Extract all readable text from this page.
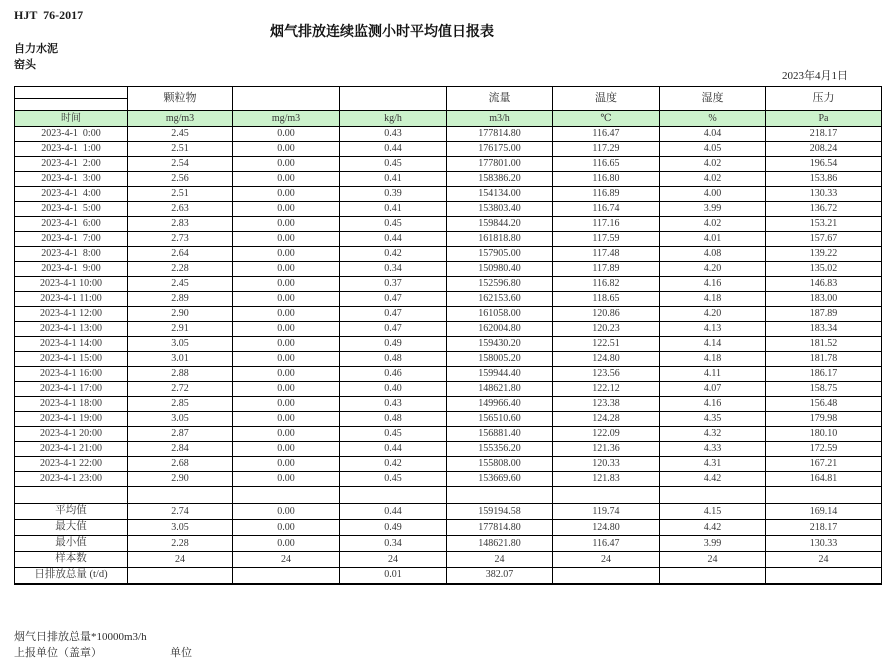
HJT  76-2017
烟气排放连续监测小时平均值日报表
自力水泥
窑头
2023年4月1日
	颗粒物			流量	温度	湿度	压力

时间	mg/m3	mg/m3	kg/h	m3/h	℃	%	Pa
2023-4-1  0:00	2.45	0.00	0.43	177814.80	116.47	4.04	218.17
2023-4-1  1:00	2.51	0.00	0.44	176175.00	117.29	4.05	208.24
2023-4-1  2:00	2.54	0.00	0.45	177801.00	116.65	4.02	196.54
2023-4-1  3:00	2.56	0.00	0.41	158386.20	116.80	4.02	153.86
2023-4-1  4:00	2.51	0.00	0.39	154134.00	116.89	4.00	130.33
2023-4-1  5:00	2.63	0.00	0.41	153803.40	116.74	3.99	136.72
2023-4-1  6:00	2.83	0.00	0.45	159844.20	117.16	4.02	153.21
2023-4-1  7:00	2.73	0.00	0.44	161818.80	117.59	4.01	157.67
2023-4-1  8:00	2.64	0.00	0.42	157905.00	117.48	4.08	139.22
2023-4-1  9:00	2.28	0.00	0.34	150980.40	117.89	4.20	135.02
2023-4-1 10:00	2.45	0.00	0.37	152596.80	116.82	4.16	146.83
2023-4-1 11:00	2.89	0.00	0.47	162153.60	118.65	4.18	183.00
2023-4-1 12:00	2.90	0.00	0.47	161058.00	120.86	4.20	187.89
2023-4-1 13:00	2.91	0.00	0.47	162004.80	120.23	4.13	183.34
2023-4-1 14:00	3.05	0.00	0.49	159430.20	122.51	4.14	181.52
2023-4-1 15:00	3.01	0.00	0.48	158005.20	124.80	4.18	181.78
2023-4-1 16:00	2.88	0.00	0.46	159944.40	123.56	4.11	186.17
2023-4-1 17:00	2.72	0.00	0.40	148621.80	122.12	4.07	158.75
2023-4-1 18:00	2.85	0.00	0.43	149966.40	123.38	4.16	156.48
2023-4-1 19:00	3.05	0.00	0.48	156510.60	124.28	4.35	179.98
2023-4-1 20:00	2.87	0.00	0.45	156881.40	122.09	4.32	180.10
2023-4-1 21:00	2.84	0.00	0.44	155356.20	121.36	4.33	172.59
2023-4-1 22:00	2.68	0.00	0.42	155808.00	120.33	4.31	167.21
2023-4-1 23:00	2.90	0.00	0.45	153669.60	121.83	4.42	164.81

平均值	2.74	0.00	0.44	159194.58	119.74	4.15	169.14
最大值	3.05	0.00	0.49	177814.80	124.80	4.42	218.17
最小值	2.28	0.00	0.34	148621.80	116.47	3.99	130.33
样本数	24	24	24	24	24	24	24
日排放总量 (t/d)			0.01	382.07			
烟气日排放总量*10000m3/h
上报单位（盖章）	单位
